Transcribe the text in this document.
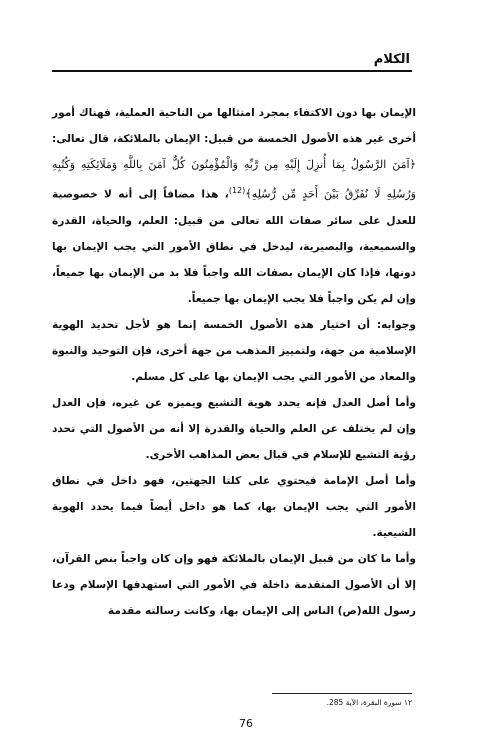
الكلام

الإيمان بها دون الاكتفاء بمجرد امتثالها من الناحية العملية، فهناك أمور أخرى غير هذه الأصول الخمسة من قبيل: الإيمان بالملائكة، قال تعالى: ﴿آمَنَ الرَّسُولُ بِمَا أُنزِلَ إِلَيْهِ مِن رَّبِّهِ وَالْمُؤْمِنُونَ كُلٌّ آمَنَ بِاللَّهِ وَمَلَائِكَتِهِ وَكُتُبِهِ وَرُسُلِهِ لَا نُفَرِّقُ بَيْنَ أَحَدٍ مِّن رُّسُلِهِ﴾$^{(12)}$، هذا مضافاً إلى أنه لا خصوصية للعدل على سائر صفات الله تعالى من قبيل: العلم، والحياة، القدرة والسميعية، والبصيرية، ليدخل في نطاق الأمور التي يجب الإيمان بها دونها، فإذا كان الإيمان بصفات الله واجباً فلا بد من الإيمان بها جميعاً، وإن لم يكن واجباً فلا يجب الإيمان بها جميعاً.

وجوابه: أن اختيار هذه الأصول الخمسة إنما هو لأجل تحديد الهوية الإسلامية من جهة، ولتمييز المذهب من جهة أخرى، فإن التوحيد والنبوة والمعاد من الأمور التي يجب الإيمان بها على كل مسلم.

وأما أصل العدل فإنه يحدد هوية التشيع ويميزه عن غيره، فإن العدل وإن لم يختلف عن العلم والحياة والقدرة إلا أنه من الأصول التي تحدد رؤية التشيع للإسلام في قبال بعض المذاهب الأخرى.

وأما أصل الإمامة فيحتوي على كلتا الجهتين، فهو داخل في نطاق الأمور التي يجب الإيمان بها، كما هو داخل أيضاً فيما يحدد الهوية الشيعية.

وأما ما كان من قبيل الإيمان بالملائكة فهو وإن كان واجباً بنص القرآن، إلا أن الأصول المتقدمة داخلة في الأمور التي استهدفها الإسلام ودعا رسول الله(ص) الناس إلى الإيمان بها، وكانت رسالته مقدمة

١٢ سورة البقرة، الآية 285.
76
